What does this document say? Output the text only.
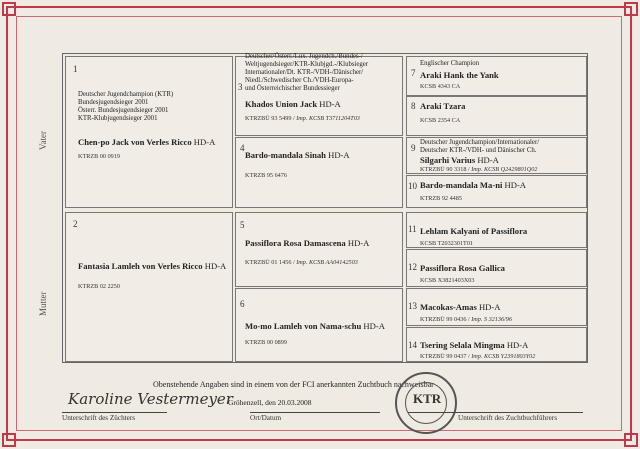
Vater
Mutter
1
Deutscher Jugendchampion (KTR)
Bundesjugendsieger 2001
Österr. Bundesjugendsieger 2001
KTR-Klubjugendsieger 2001
Chen-po Jack von Verles Ricco HD-A
KTRZB 00 0919
2
Fantasia Lamleh von Verles Ricco HD-A
KTRZB 02 2250
3
Deutscher/Österr./Lux. Jugendch./Bundes-/
Weltjugendsieger/KTR-Klubjgd.-/Klubsieger
Internationaler/Dt. KTR-/VDH-/Dänischer/
Niedl./Schwedischer Ch./VDH-Europa-
und Österreichischer Bundessieger
Khados Union Jack HD-A
KTRZBÜ 93 5499 / Imp. KCSB T3711204T03
4
Bardo-mandala Sinah HD-A
KTRZB 95 6476
5
Passiflora Rosa Damascena HD-A
KTRZBÜ 01 1456 / Imp. KCSB AA04142503
6
Mo-mo Lamleh von Nama-schu HD-A
KTRZB 00 0899
7
Englischer Champion
Araki Hank the Yank
KCSB 4343 CA
8 Araki Tzara
KCSB 2354 CA
9
Deutscher Jugendchampion/Internationaler/
Deutscher KTR-/VDH- und Dänischer Ch.
Silgarhi Varius HD-A
KTRZBÜ 90 3318 / Imp. KCSB Q2429801Q02
10 Bardo-mandala Ma-ni HD-A
KTRZB 92 4485
11 Lehlam Kalyani of Passiflora
KCSB T2032301T01
12 Passiflora Rosa Gallica
KCSB X3821403X03
13 Macokas-Amas HD-A
KTRZBÜ 99 0436 / Imp. S 32136/96
14 Tsering Selala Mingma HD-A
KTRZBÜ 99 0437 / Imp. KCSB Y2391803Y02
Obenstehende Angaben sind in einem von der FCI anerkannten Zuchtbuch nachweisbar
Gröhenzell, den 20.03.2008
Karoline Vestermeyer
Unterschrift des Züchters	Ort/Datum
KTR
Unterschrift des Zuchtbuchführers
